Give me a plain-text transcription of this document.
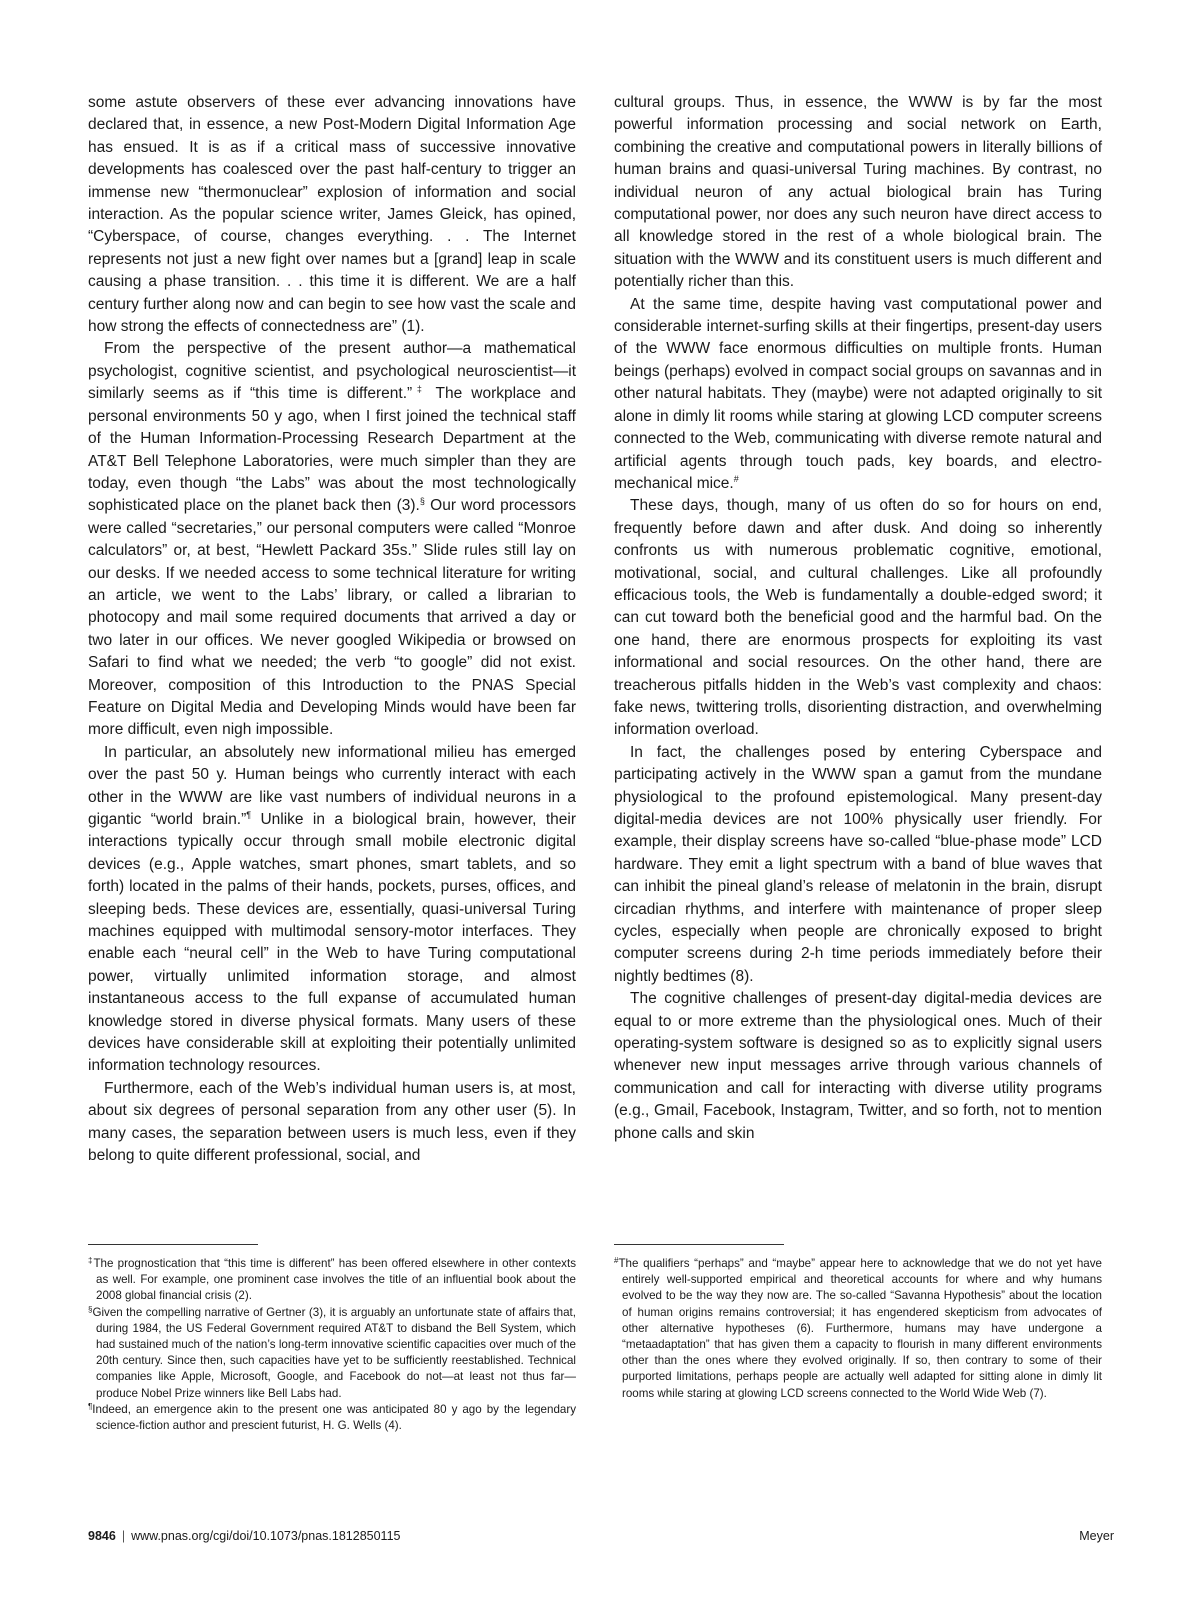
some astute observers of these ever advancing innovations have declared that, in essence, a new Post-Modern Digital Information Age has ensued. It is as if a critical mass of successive innovative developments has coalesced over the past half-century to trigger an immense new “thermonuclear” explosion of information and social interaction. As the popular science writer, James Gleick, has opined, “Cyberspace, of course, changes everything. . . The Internet represents not just a new fight over names but a [grand] leap in scale causing a phase transition. . . this time it is different. We are a half century further along now and can begin to see how vast the scale and how strong the effects of connectedness are” (1).

From the perspective of the present author—a mathematical psychologist, cognitive scientist, and psychological neuroscientist—it similarly seems as if “this time is different.”‡ The workplace and personal environments 50 y ago, when I first joined the technical staff of the Human Information-Processing Research Department at the AT&T Bell Telephone Laboratories, were much simpler than they are today, even though “the Labs” was about the most technologically sophisticated place on the planet back then (3).§ Our word processors were called “secretaries,” our personal computers were called “Monroe calculators” or, at best, “Hewlett Packard 35s.” Slide rules still lay on our desks. If we needed access to some technical literature for writing an article, we went to the Labs’ library, or called a librarian to photocopy and mail some required documents that arrived a day or two later in our offices. We never googled Wikipedia or browsed on Safari to find what we needed; the verb “to google” did not exist. Moreover, composition of this Introduction to the PNAS Special Feature on Digital Media and Developing Minds would have been far more difficult, even nigh impossible.

In particular, an absolutely new informational milieu has emerged over the past 50 y. Human beings who currently interact with each other in the WWW are like vast numbers of individual neurons in a gigantic “world brain.”¶ Unlike in a biological brain, however, their interactions typically occur through small mobile electronic digital devices (e.g., Apple watches, smart phones, smart tablets, and so forth) located in the palms of their hands, pockets, purses, offices, and sleeping beds. These devices are, essentially, quasi-universal Turing machines equipped with multimodal sensory-motor interfaces. They enable each “neural cell” in the Web to have Turing computational power, virtually unlimited information storage, and almost instantaneous access to the full expanse of accumulated human knowledge stored in diverse physical formats. Many users of these devices have considerable skill at exploiting their potentially unlimited information technology resources.

Furthermore, each of the Web’s individual human users is, at most, about six degrees of personal separation from any other user (5). In many cases, the separation between users is much less, even if they belong to quite different professional, social, and

cultural groups. Thus, in essence, the WWW is by far the most powerful information processing and social network on Earth, combining the creative and computational powers in literally billions of human brains and quasi-universal Turing machines. By contrast, no individual neuron of any actual biological brain has Turing computational power, nor does any such neuron have direct access to all knowledge stored in the rest of a whole biological brain. The situation with the WWW and its constituent users is much different and potentially richer than this.

At the same time, despite having vast computational power and considerable internet-surfing skills at their fingertips, present-day users of the WWW face enormous difficulties on multiple fronts. Human beings (perhaps) evolved in compact social groups on savannas and in other natural habitats. They (maybe) were not adapted originally to sit alone in dimly lit rooms while staring at glowing LCD computer screens connected to the Web, communicating with diverse remote natural and artificial agents through touch pads, key boards, and electro-mechanical mice.#

These days, though, many of us often do so for hours on end, frequently before dawn and after dusk. And doing so inherently confronts us with numerous problematic cognitive, emotional, motivational, social, and cultural challenges. Like all profoundly efficacious tools, the Web is fundamentally a double-edged sword; it can cut toward both the beneficial good and the harmful bad. On the one hand, there are enormous prospects for exploiting its vast informational and social resources. On the other hand, there are treacherous pitfalls hidden in the Web’s vast complexity and chaos: fake news, twittering trolls, disorienting distraction, and overwhelming information overload.

In fact, the challenges posed by entering Cyberspace and participating actively in the WWW span a gamut from the mundane physiological to the profound epistemological. Many present-day digital-media devices are not 100% physically user friendly. For example, their display screens have so-called “blue-phase mode” LCD hardware. They emit a light spectrum with a band of blue waves that can inhibit the pineal gland’s release of melatonin in the brain, disrupt circadian rhythms, and interfere with maintenance of proper sleep cycles, especially when people are chronically exposed to bright computer screens during 2-h time periods immediately before their nightly bedtimes (8).

The cognitive challenges of present-day digital-media devices are equal to or more extreme than the physiological ones. Much of their operating-system software is designed so as to explicitly signal users whenever new input messages arrive through various channels of communication and call for interacting with diverse utility programs (e.g., Gmail, Facebook, Instagram, Twitter, and so forth, not to mention phone calls and skin

‡The prognostication that “this time is different” has been offered elsewhere in other contexts as well. For example, one prominent case involves the title of an influential book about the 2008 global financial crisis (2).

§Given the compelling narrative of Gertner (3), it is arguably an unfortunate state of affairs that, during 1984, the US Federal Government required AT&T to disband the Bell System, which had sustained much of the nation’s long-term innovative scientific capacities over much of the 20th century. Since then, such capacities have yet to be sufficiently reestablished. Technical companies like Apple, Microsoft, Google, and Facebook do not—at least not thus far—produce Nobel Prize winners like Bell Labs had.

¶Indeed, an emergence akin to the present one was anticipated 80 y ago by the legendary science-fiction author and prescient futurist, H. G. Wells (4).

#The qualifiers “perhaps” and “maybe” appear here to acknowledge that we do not yet have entirely well-supported empirical and theoretical accounts for where and why humans evolved to be the way they now are. The so-called “Savanna Hypothesis” about the location of human origins remains controversial; it has engendered skepticism from advocates of other alternative hypotheses (6). Furthermore, humans may have undergone a “metaadaptation” that has given them a capacity to flourish in many different environments other than the ones where they evolved originally. If so, then contrary to some of their purported limitations, perhaps people are actually well adapted for sitting alone in dimly lit rooms while staring at glowing LCD screens connected to the World Wide Web (7).

9846 | www.pnas.org/cgi/doi/10.1073/pnas.1812850115	Meyer
